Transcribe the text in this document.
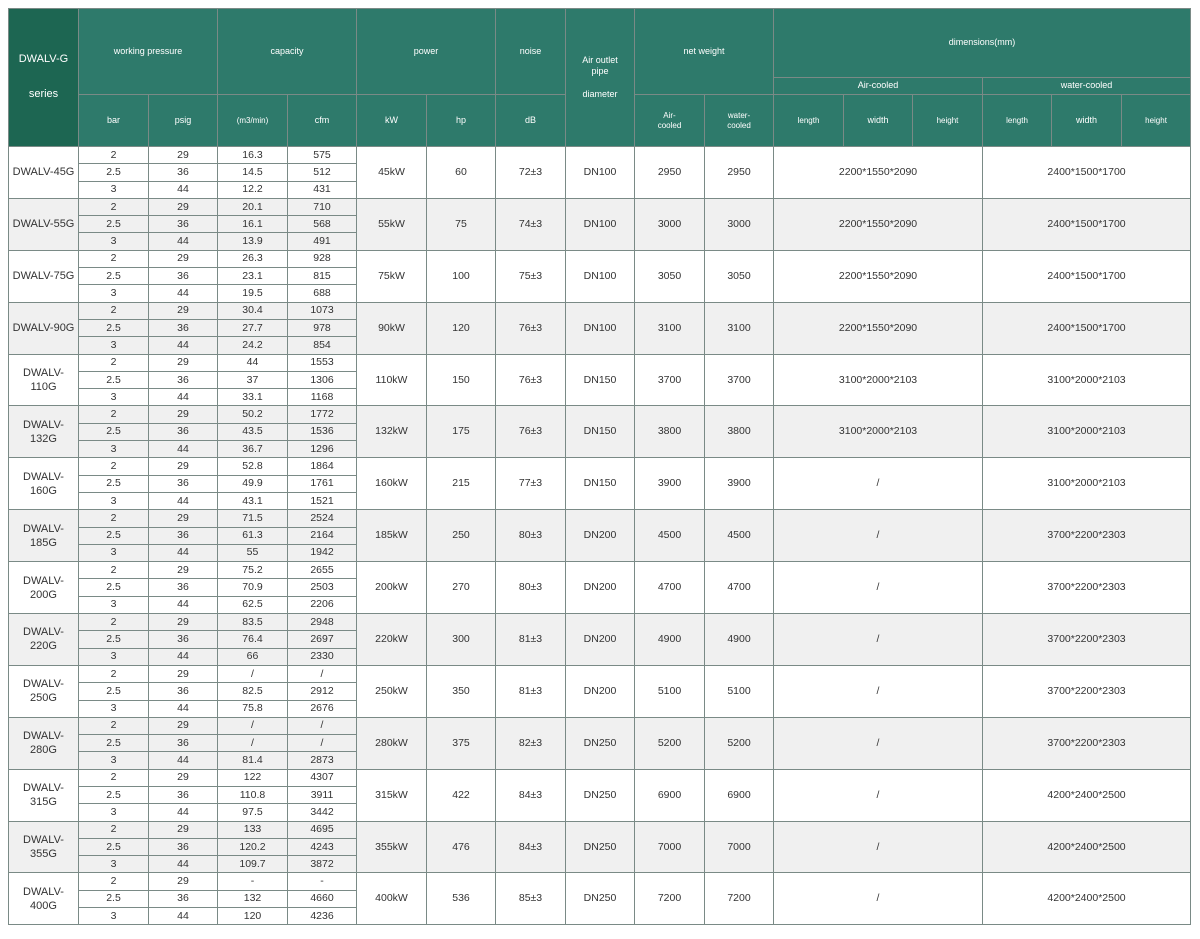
DWALV-G

series	working pressure		capacity		power		noise	Air outlet
pipe

diameter	net weight		dimensions(mm)					
											Air-cooled			water-cooled		
	bar	psig	(m3/min)	cfm	kW	hp	dB		Air-
cooled	water-
cooled	length	width	height	length	width	height
DWALV-45G	2	29	16.3	575	45kW	60	72±3	DN100	2950	2950	2200*1550*2090			2400*1500*1700		
	2.5	36	14.5	512												
	3	44	12.2	431												
DWALV-55G	2	29	20.1	710	55kW	75	74±3	DN100	3000	3000	2200*1550*2090			2400*1500*1700		
	2.5	36	16.1	568												
	3	44	13.9	491												
DWALV-75G	2	29	26.3	928	75kW	100	75±3	DN100	3050	3050	2200*1550*2090			2400*1500*1700		
	2.5	36	23.1	815												
	3	44	19.5	688												
DWALV-90G	2	29	30.4	1073	90kW	120	76±3	DN100	3100	3100	2200*1550*2090			2400*1500*1700		
	2.5	36	27.7	978												
	3	44	24.2	854												
DWALV-
110G	2	29	44	1553	110kW	150	76±3	DN150	3700	3700	3100*2000*2103			3100*2000*2103		
	2.5	36	37	1306												
	3	44	33.1	1168												
DWALV-
132G	2	29	50.2	1772	132kW	175	76±3	DN150	3800	3800	3100*2000*2103			3100*2000*2103		
	2.5	36	43.5	1536												
	3	44	36.7	1296												
DWALV-
160G	2	29	52.8	1864	160kW	215	77±3	DN150	3900	3900	/			3100*2000*2103		
	2.5	36	49.9	1761												
	3	44	43.1	1521												
DWALV-
185G	2	29	71.5	2524	185kW	250	80±3	DN200	4500	4500	/			3700*2200*2303		
	2.5	36	61.3	2164												
	3	44	55	1942												
DWALV-
200G	2	29	75.2	2655	200kW	270	80±3	DN200	4700	4700	/			3700*2200*2303		
	2.5	36	70.9	2503												
	3	44	62.5	2206												
DWALV-
220G	2	29	83.5	2948	220kW	300	81±3	DN200	4900	4900	/			3700*2200*2303		
	2.5	36	76.4	2697												
	3	44	66	2330												
DWALV-
250G	2	29	/	/	250kW	350	81±3	DN200	5100	5100	/			3700*2200*2303		
	2.5	36	82.5	2912												
	3	44	75.8	2676												
DWALV-
280G	2	29	/	/	280kW	375	82±3	DN250	5200	5200	/			3700*2200*2303		
	2.5	36	/	/												
	3	44	81.4	2873												
DWALV-
315G	2	29	122	4307	315kW	422	84±3	DN250	6900	6900	/			4200*2400*2500		
	2.5	36	110.8	3911												
	3	44	97.5	3442												
DWALV-
355G	2	29	133	4695	355kW	476	84±3	DN250	7000	7000	/			4200*2400*2500		
	2.5	36	120.2	4243												
	3	44	109.7	3872												
DWALV-
400G	2	29	-	-	400kW	536	85±3	DN250	7200	7200	/			4200*2400*2500		
	2.5	36	132	4660												
	3	44	120	4236												
